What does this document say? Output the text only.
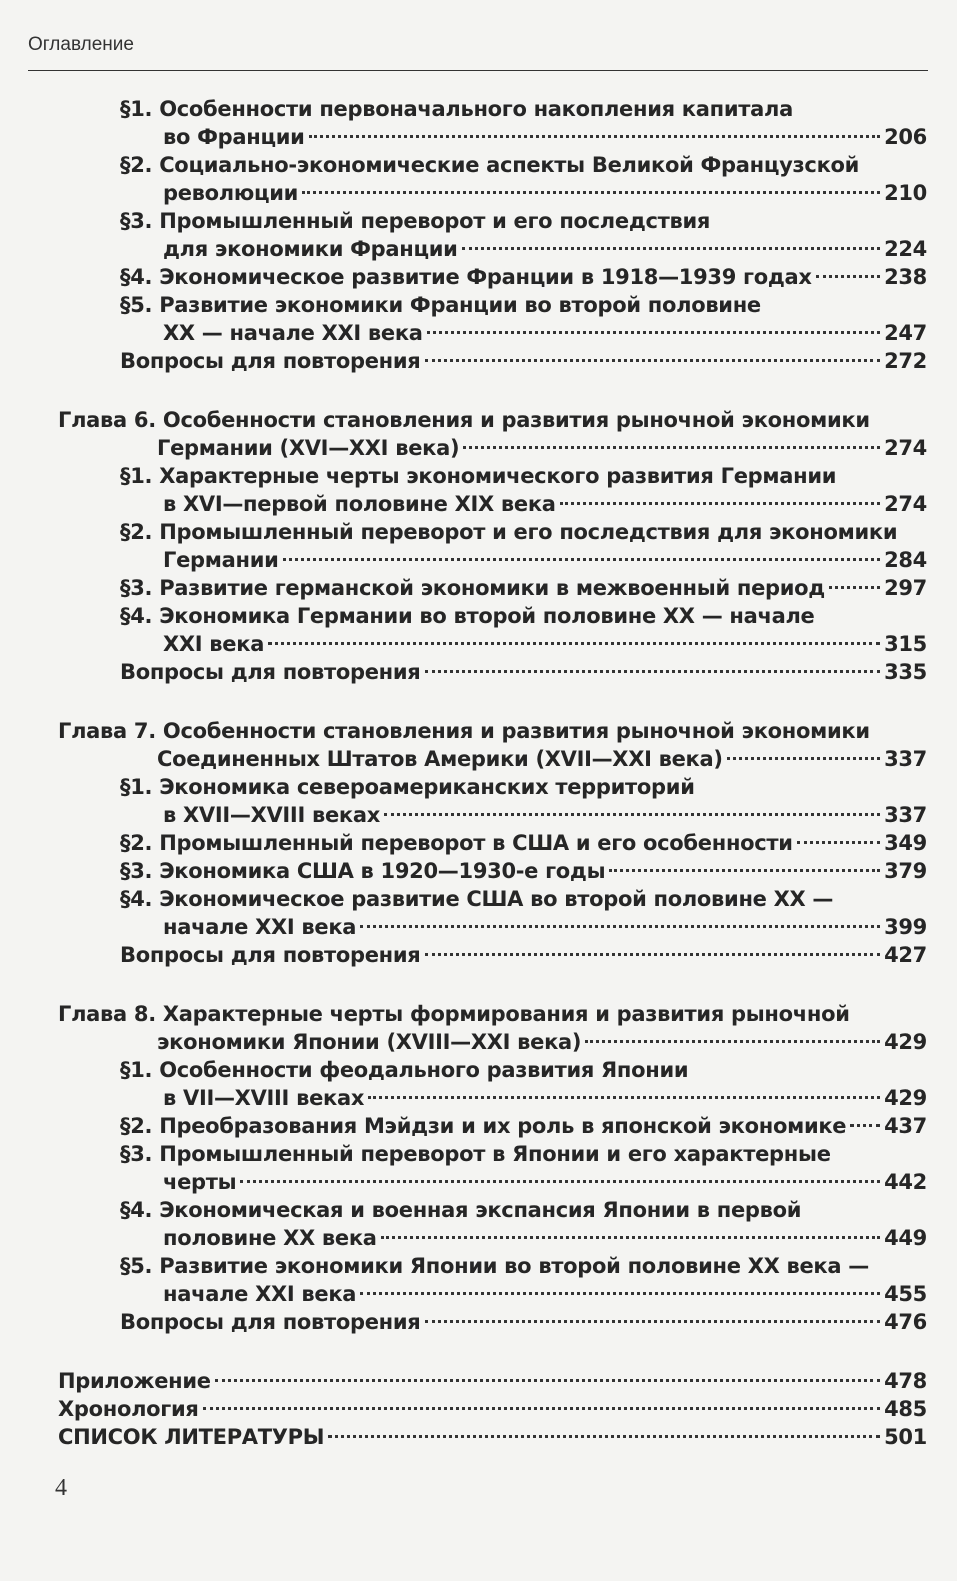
Оглавление
§1. Особенности первоначального накопления капитала
во Франции	206
§2. Социально-экономические аспекты Великой Французской
революции	210
§3. Промышленный переворот и его последствия
для экономики Франции	224
§4. Экономическое развитие Франции в 1918—1939 годах	238
§5. Развитие экономики Франции во второй половине
XX — начале XXI века	247
Вопросы для повторения	272
Глава 6. Особенности становления и развития рыночной экономики
Германии (XVI—XXI века)	274
§1. Характерные черты экономического развития Германии
в XVI—первой половине XIX века	274
§2. Промышленный переворот и его последствия для экономики
Германии	284
§3. Развитие германской экономики в межвоенный период	297
§4. Экономика Германии во второй половине XX — начале
XXI века	315
Вопросы для повторения	335
Глава 7. Особенности становления и развития рыночной экономики
Соединенных Штатов Америки (XVII—XXI века)	337
§1. Экономика североамериканских территорий
в XVII—XVIII веках	337
§2. Промышленный переворот в США и его особенности	349
§3. Экономика США в 1920—1930-е годы	379
§4. Экономическое развитие США во второй половине XX —
начале XXI века	399
Вопросы для повторения	427
Глава 8. Характерные черты формирования и развития рыночной
экономики Японии (XVIII—XXI века)	429
§1. Особенности феодального развития Японии
в VII—XVIII веках	429
§2. Преобразования Мэйдзи и их роль в японской экономике 437
§3. Промышленный переворот в Японии и его характерные
черты	442
§4. Экономическая и военная экспансия Японии в первой
половине XX века	449
§5. Развитие экономики Японии во второй половине XX века —
начале XXI века	455
Вопросы для повторения	476
Приложение	478
Хронология	485
СПИСОК ЛИТЕРАТУРЫ	501
4
